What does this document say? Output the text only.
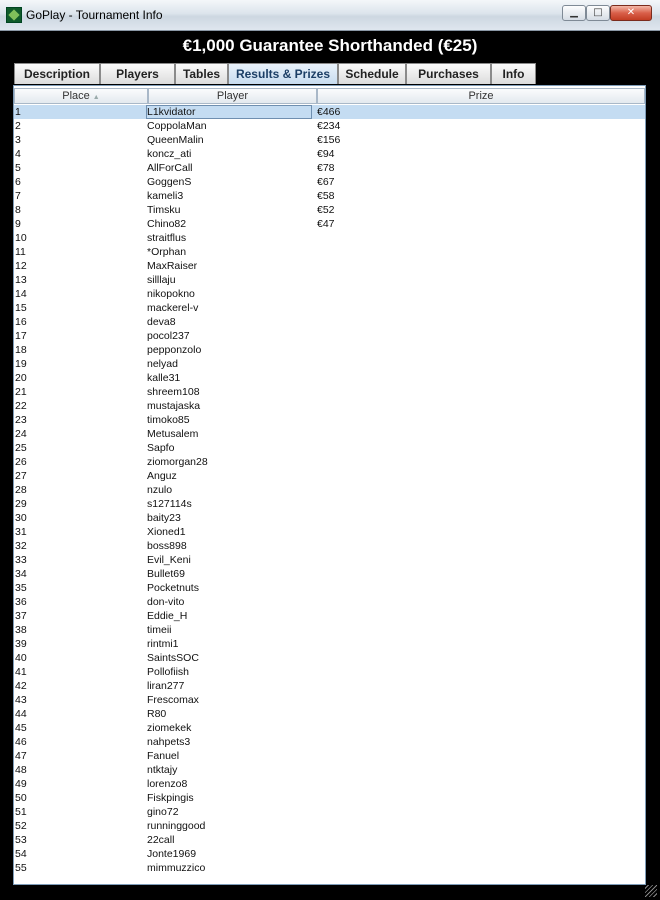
GoPlay - Tournament Info	▁	□	✕
€1,000 Guarantee Shorthanded (€25)
Description	Players	Tables	Results & Prizes	Schedule	Purchases	Info
Place ▲	Player	Prize
1	L1kvidator	€466
2	CoppolaMan	€234
3	QueenMalin	€156
4	koncz_ati	€94
5	AllForCall	€78
6	GoggenS	€67
7	kameli3	€58
8	Timsku	€52
9	Chino82	€47
10	straitflus
11	*Orphan
12	MaxRaiser
13	silllaju
14	nikopokno
15	mackerel-v
16	deva8
17	pocol237
18	pepponzolo
19	nelyad
20	kalle31
21	shreem108
22	mustajaska
23	timoko85
24	Metusalem
25	Sapfo
26	ziomorgan28
27	Anguz
28	nzulo
29	s127114s
30	baity23
31	Xioned1
32	boss898
33	Evil_Keni
34	Bullet69
35	Pocketnuts
36	don-vito
37	Eddie_H
38	timeii
39	rintmi1
40	SaintsSOC
41	Pollofiish
42	liran277
43	Frescomax
44	R80
45	ziomekek
46	nahpets3
47	Fanuel
48	ntktajy
49	lorenzo8
50	Fiskpingis
51	gino72
52	runninggood
53	22call
54	Jonte1969
55	mimmuzzico
